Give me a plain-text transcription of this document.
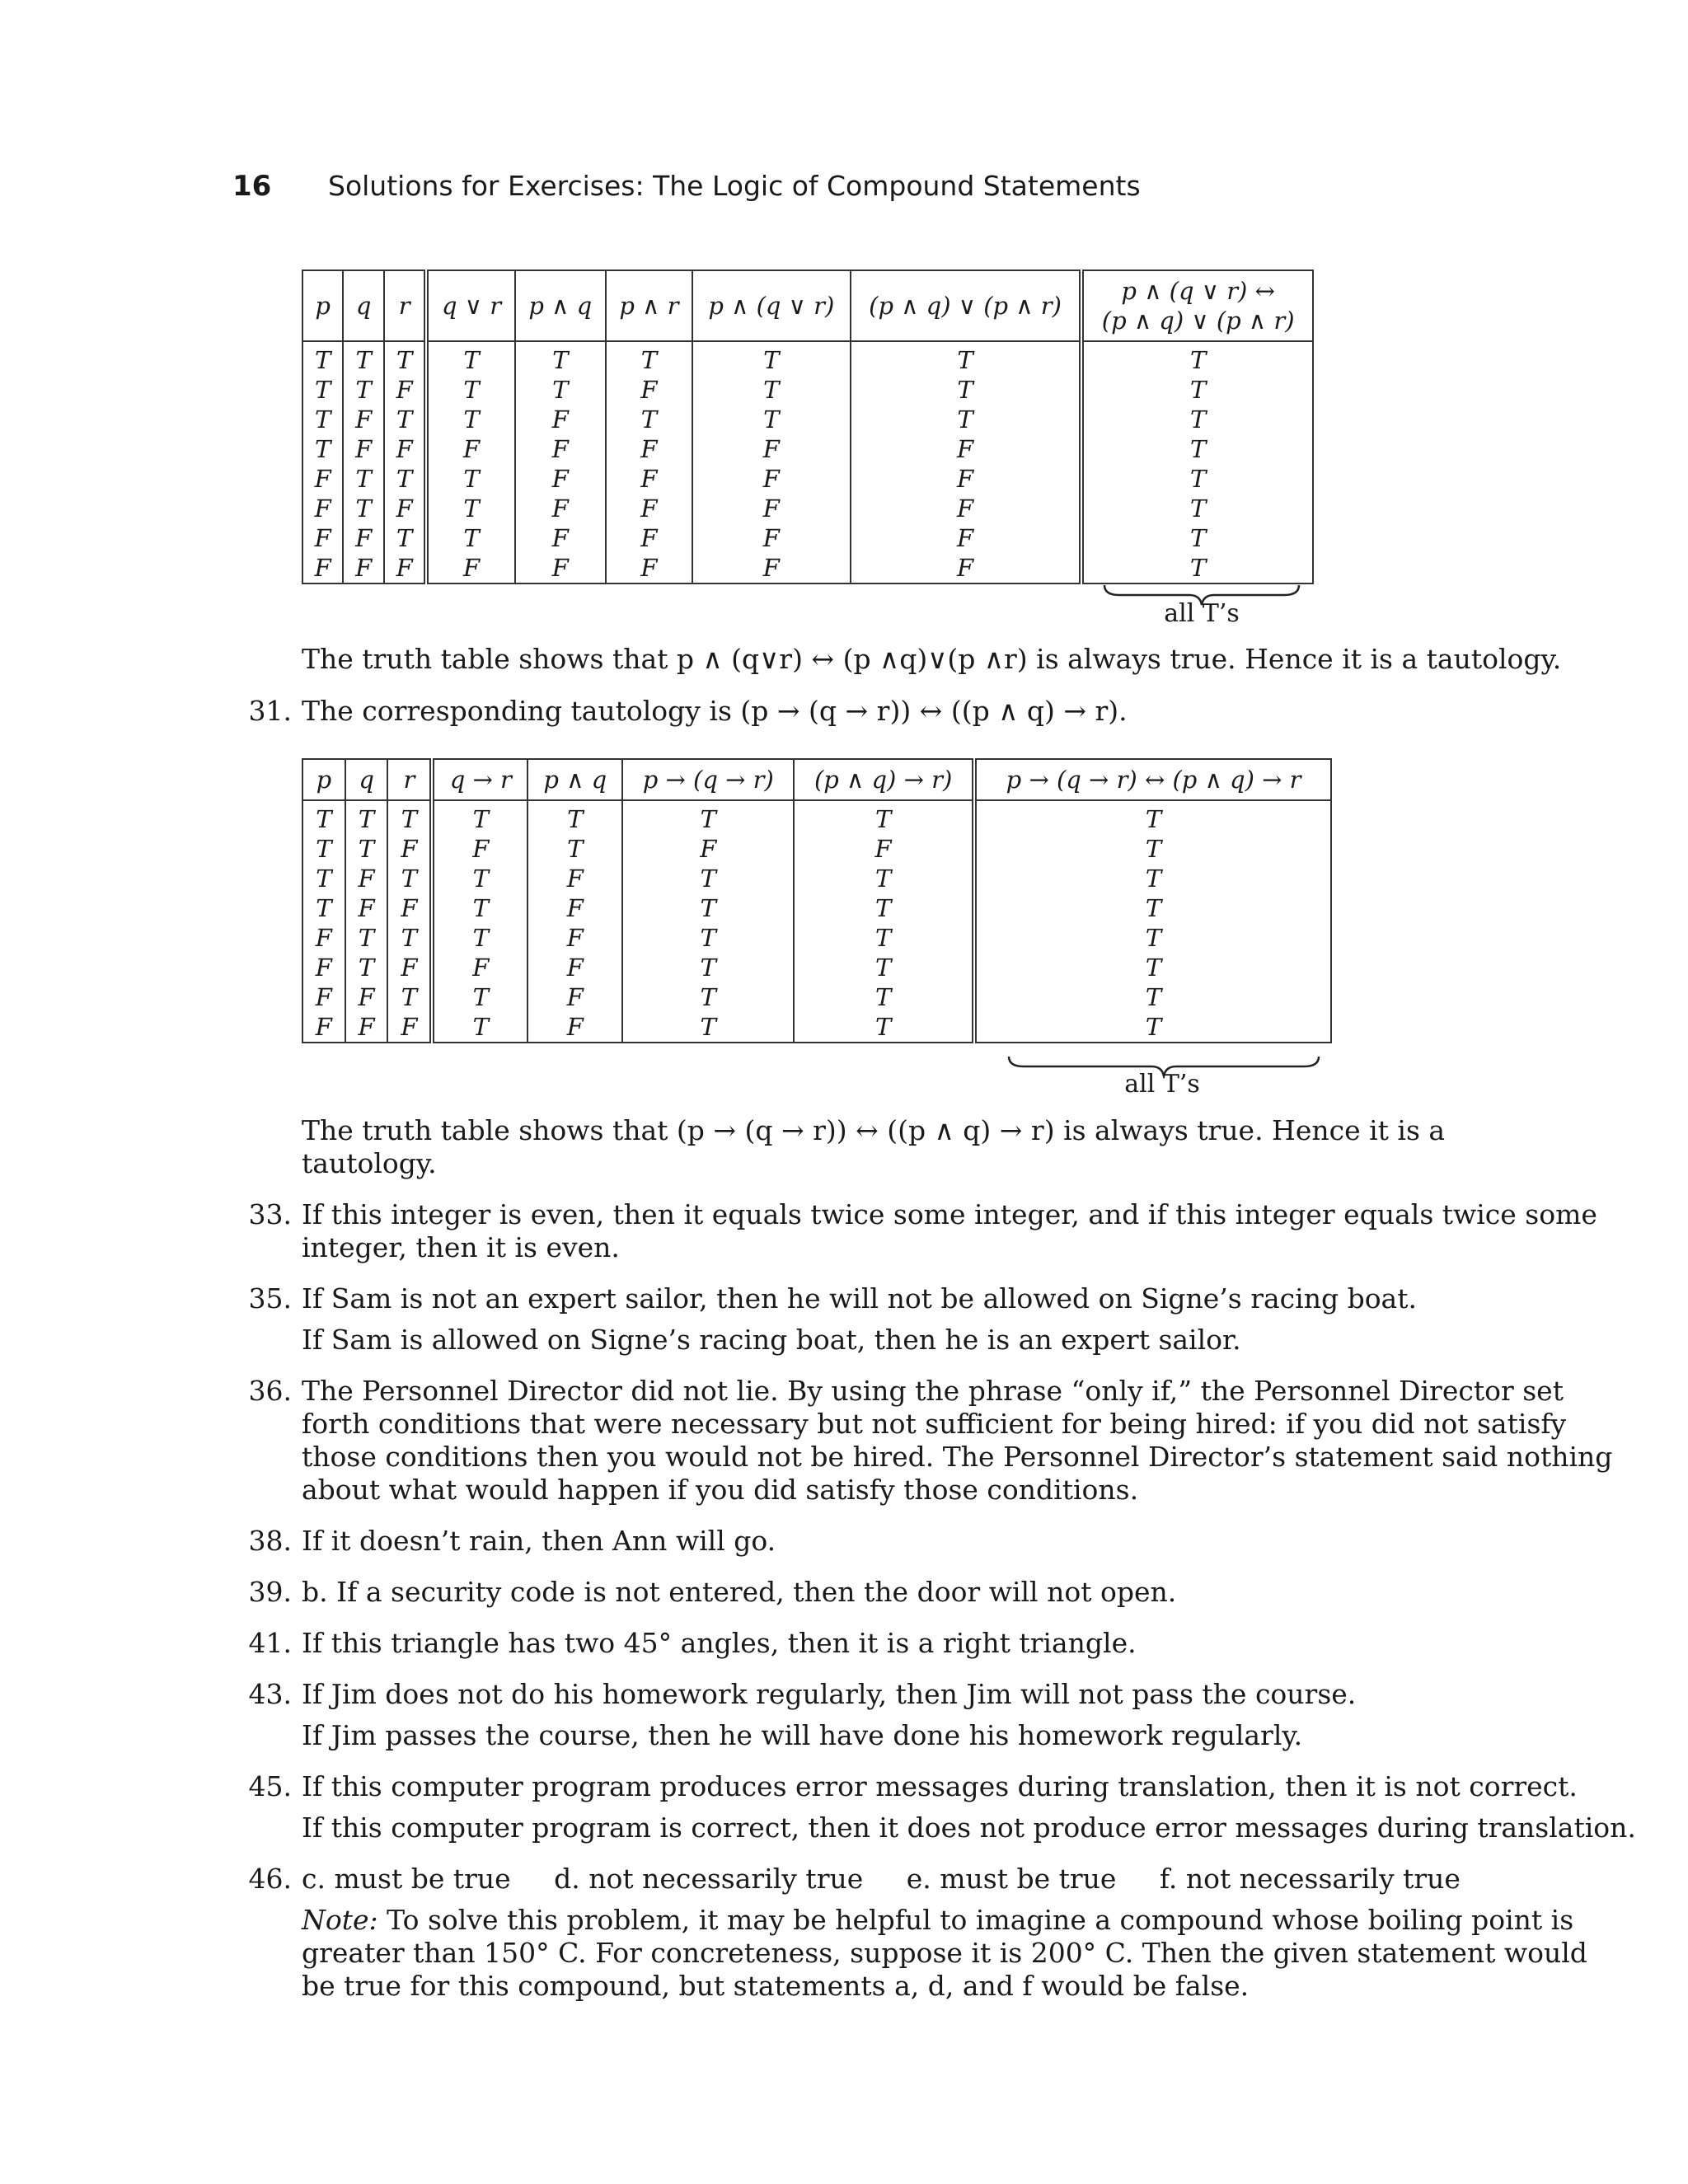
16 Solutions for Exercises: The Logic of Compound Statements
p	q	r	q ∨ r	p ∧ q	p ∧ r	p ∧ (q ∨ r)	(p ∧ q) ∨ (p ∧ r)	p ∧ (q ∨ r) ↔
(p ∧ q) ∨ (p ∧ r)

T	T	T	T	T	T	T	T	T
T	T	F	T	T	F	T	T	T
T	F	T	T	F	T	T	T	T
T	F	F	F	F	F	F	F	T
F	T	T	T	F	F	F	F	T
F	T	F	T	F	F	F	F	T
F	F	T	T	F	F	F	F	T
F	F	F	F	F	F	F	F	T
all T’s
The truth table shows that p ∧ (q∨r) ↔ (p ∧q)∨(p ∧r) is always true. Hence it is a tautology.
31. The corresponding tautology is (p → (q → r)) ↔ ((p ∧ q) → r).
p	q	r	q → r	p ∧ q	p → (q → r)	(p ∧ q) → r)	p → (q → r) ↔ (p ∧ q) → r
T	T	T	T	T	T	T	T
T	T	F	F	T	F	F	T
T	F	T	T	F	T	T	T
T	F	F	T	F	T	T	T
F	T	T	T	F	T	T	T
F	T	F	F	F	T	T	T
F	F	T	T	F	T	T	T
F	F	F	T	F	T	T	T
all T’s
The truth table shows that (p → (q → r)) ↔ ((p ∧ q) → r) is always true. Hence it is a
tautology.
33. If this integer is even, then it equals twice some integer, and if this integer equals twice some
integer, then it is even.
35. If Sam is not an expert sailor, then he will not be allowed on Signe’s racing boat.
If Sam is allowed on Signe’s racing boat, then he is an expert sailor.
36. The Personnel Director did not lie. By using the phrase “only if,” the Personnel Director set
forth conditions that were necessary but not sufficient for being hired: if you did not satisfy
those conditions then you would not be hired. The Personnel Director’s statement said nothing
about what would happen if you did satisfy those conditions.
38. If it doesn’t rain, then Ann will go.
39. b. If a security code is not entered, then the door will not open.
41. If this triangle has two 45° angles, then it is a right triangle.
43. If Jim does not do his homework regularly, then Jim will not pass the course.
If Jim passes the course, then he will have done his homework regularly.
45. If this computer program produces error messages during translation, then it is not correct.
If this computer program is correct, then it does not produce error messages during translation.
46. c. must be true     d. not necessarily true     e. must be true     f. not necessarily true
Note: To solve this problem, it may be helpful to imagine a compound whose boiling point is
greater than 150° C. For concreteness, suppose it is 200° C. Then the given statement would
be true for this compound, but statements a, d, and f would be false.
